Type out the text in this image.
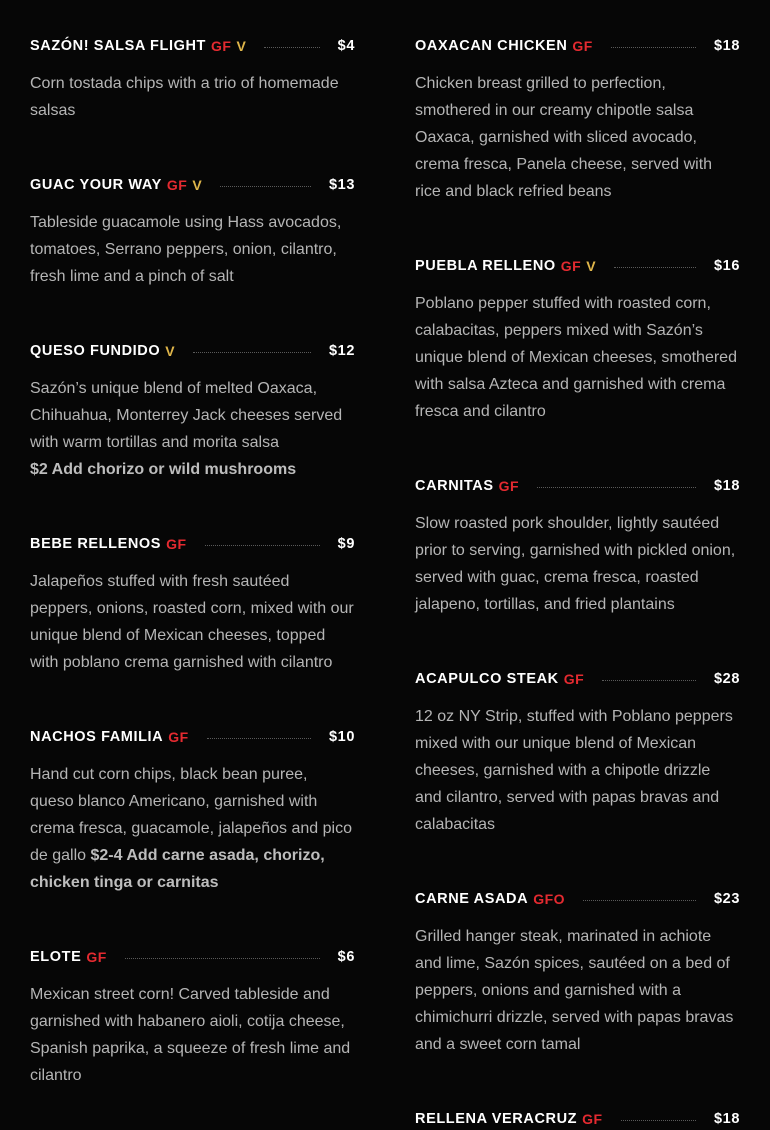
SAZÓN! SALSA FLIGHT GF V	$4
Corn tostada chips with a trio of homemade salsas
GUAC YOUR WAY GF V	$13
Tableside guacamole using Hass avocados, tomatoes, Serrano peppers, onion, cilantro, fresh lime and a pinch of salt
QUESO FUNDIDO V	$12
Sazón’s unique blend of melted Oaxaca, Chihuahua, Monterrey Jack cheeses served with warm tortillas and morita salsa
$2 Add chorizo or wild mushrooms
BEBE RELLENOS GF	$9
Jalapeños stuffed with fresh sautéed peppers, onions, roasted corn, mixed with our unique blend of Mexican cheeses, topped with poblano crema garnished with cilantro
NACHOS FAMILIA GF	$10
Hand cut corn chips, black bean puree, queso blanco Americano, garnished with crema fresca, guacamole, jalapeños and pico de gallo $2-4 Add carne asada, chorizo, chicken tinga or carnitas
ELOTE GF	$6
Mexican street corn! Carved tableside and garnished with habanero aioli, cotija cheese, Spanish paprika, a squeeze of fresh lime and cilantro
OAXACAN CHICKEN GF	$18
Chicken breast grilled to perfection, smothered in our creamy chipotle salsa Oaxaca, garnished with sliced avocado, crema fresca, Panela cheese, served with rice and black refried beans
PUEBLA RELLENO GF V	$16
Poblano pepper stuffed with roasted corn, calabacitas, peppers mixed with Sazón’s unique blend of Mexican cheeses, smothered with salsa Azteca and garnished with crema fresca and cilantro
CARNITAS GF	$18
Slow roasted pork shoulder, lightly sautéed prior to serving, garnished with pickled onion, served with guac, crema fresca, roasted jalapeno, tortillas, and fried plantains
ACAPULCO STEAK GF	$28
12 oz NY Strip, stuffed with Poblano peppers mixed with our unique blend of Mexican cheeses, garnished with a chipotle drizzle and cilantro, served with papas bravas and calabacitas
CARNE ASADA GFO	$23
Grilled hanger steak, marinated in achiote and lime, Sazón spices, sautéed on a bed of peppers, onions and garnished with a chimichurri drizzle, served with papas bravas and a sweet corn tamal
RELLENA VERACRUZ GF	$18
